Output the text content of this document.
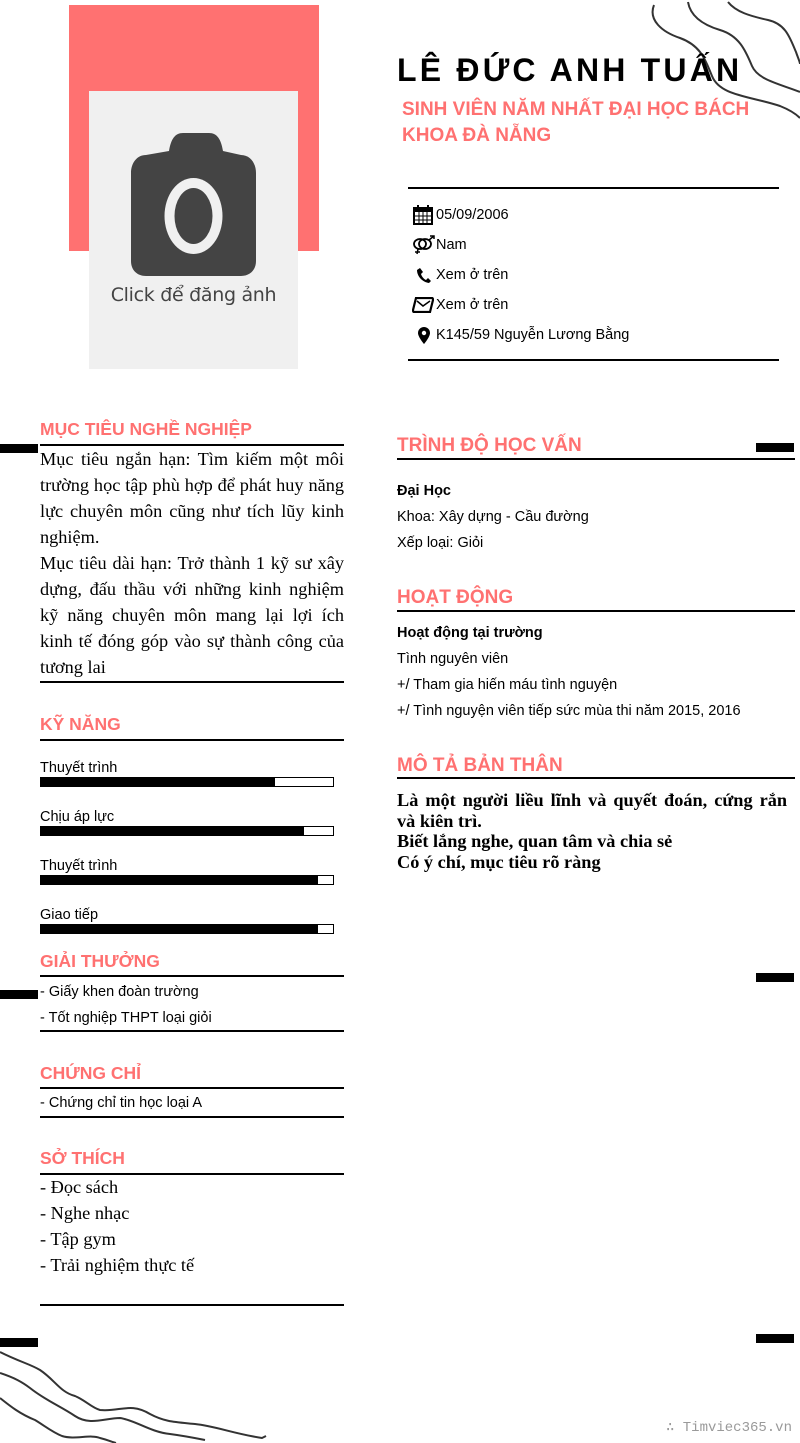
Click để đăng ảnh
LÊ ĐỨC ANH TUẤN
SINH VIÊN NĂM NHẤT ĐẠI HỌC BÁCH KHOA ĐÀ NẴNG
05/09/2006
Nam
Xem ở trên
Xem ở trên
K145/59 Nguyễn Lương Bằng
MỤC TIÊU NGHỀ NGHIỆP
Mục tiêu ngắn hạn: Tìm kiếm một môi trường học tập phù hợp để phát huy năng lực chuyên môn cũng như tích lũy kinh nghiệm.
Mục tiêu dài hạn: Trở thành 1 kỹ sư xây dựng, đấu thầu với những kinh nghiệm kỹ năng chuyên môn mang lại lợi ích kinh tế đóng góp vào sự thành công của tương lai
KỸ NĂNG
Thuyết trình
Chịu áp lực
Thuyết trình
Giao tiếp
GIẢI THƯỞNG
- Giấy khen đoàn trường
- Tốt nghiệp THPT loại giỏi
CHỨNG CHỈ
- Chứng chỉ tin học loại A
SỞ THÍCH
- Đọc sách
- Nghe nhạc
- Tập gym
- Trải nghiệm thực tế
TRÌNH ĐỘ HỌC VẤN
Đại Học
Khoa: Xây dựng - Cầu đường
Xếp loại: Giỏi
HOẠT ĐỘNG
Hoạt động tại trường
Tình nguyên viên
+/ Tham gia hiến máu tình nguyện
+/ Tình nguyện viên tiếp sức mùa thi năm 2015, 2016
MÔ TẢ BẢN THÂN
Là một người liều lĩnh và quyết đoán, cứng rắn và kiên trì.
Biết lắng nghe, quan tâm và chia sẻ
Có ý chí, mục tiêu rõ ràng
∴ Timviec365.vn
